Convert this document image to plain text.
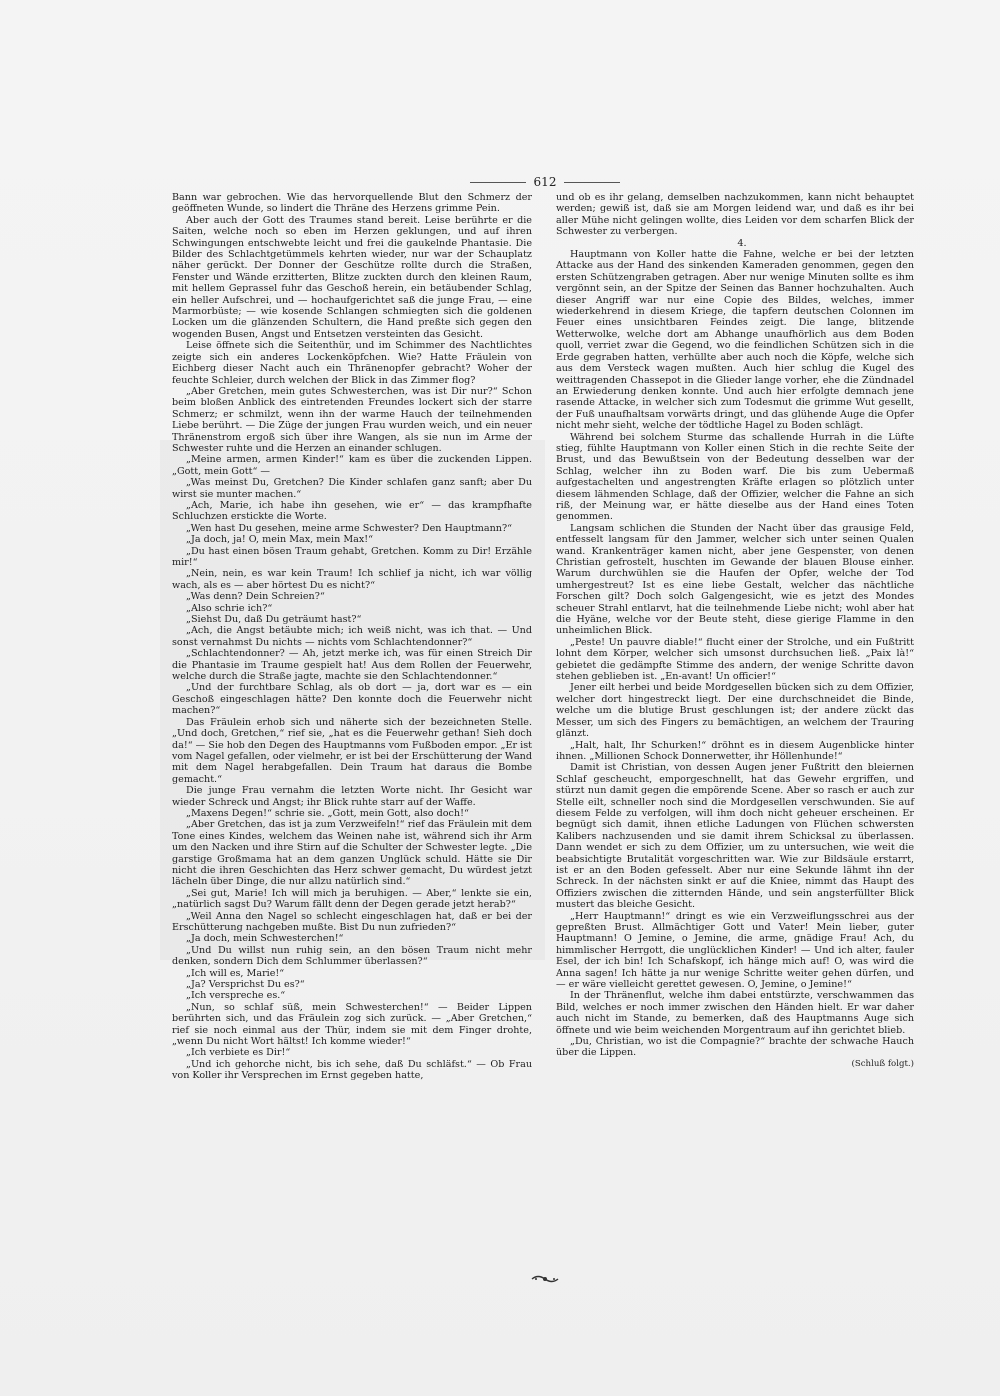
612

Bann war gebrochen. Wie das hervorquellende Blut den Schmerz der geöffneten Wunde, so lindert die Thräne des Herzens grimme Pein.

Aber auch der Gott des Traumes stand bereit. Leise berührte er die Saiten, welche noch so eben im Herzen geklungen, und auf ihren Schwingungen entschwebte leicht und frei die gaukelnde Phantasie. Die Bilder des Schlachtgetümmels kehrten wieder, nur war der Schauplatz näher gerückt. Der Donner der Geschütze rollte durch die Straßen, Fenster und Wände erzitterten, Blitze zuckten durch den kleinen Raum, mit hellem Geprassel fuhr das Geschoß herein, ein betäubender Schlag, ein heller Aufschrei, und — hochaufgerichtet saß die junge Frau, — eine Marmorbüste; — wie kosende Schlangen schmiegten sich die goldenen Locken um die glänzenden Schultern, die Hand preßte sich gegen den wogenden Busen, Angst und Entsetzen versteinten das Gesicht.

Leise öffnete sich die Seitenthür, und im Schimmer des Nachtlichtes zeigte sich ein anderes Lockenköpfchen. Wie? Hatte Fräulein von Eichberg dieser Nacht auch ein Thränenopfer gebracht? Woher der feuchte Schleier, durch welchen der Blick in das Zimmer flog?

„Aber Gretchen, mein gutes Schwesterchen, was ist Dir nur?“ Schon beim bloßen Anblick des eintretenden Freundes lockert sich der starre Schmerz; er schmilzt, wenn ihn der warme Hauch der teilnehmenden Liebe berührt. — Die Züge der jungen Frau wurden weich, und ein neuer Thränenstrom ergoß sich über ihre Wangen, als sie nun im Arme der Schwester ruhte und die Herzen an einander schlugen.

„Meine armen, armen Kinder!“ kam es über die zuckenden Lippen. „Gott, mein Gott“ —

„Was meinst Du, Gretchen? Die Kinder schlafen ganz sanft; aber Du wirst sie munter machen.“

„Ach, Marie, ich habe ihn gesehen, wie er“ — das krampfhafte Schluchzen erstickte die Worte.

„Wen hast Du gesehen, meine arme Schwester? Den Hauptmann?“

„Ja doch, ja! O, mein Max, mein Max!“

„Du hast einen bösen Traum gehabt, Gretchen. Komm zu Dir! Erzähle mir!“

„Nein, nein, es war kein Traum! Ich schlief ja nicht, ich war völlig wach, als es — aber hörtest Du es nicht?“

„Was denn? Dein Schreien?“

„Also schrie ich?“

„Siehst Du, daß Du geträumt hast?“

„Ach, die Angst betäubte mich; ich weiß nicht, was ich that. — Und sonst vernahmst Du nichts — nichts vom Schlachtendonner?“

„Schlachtendonner? — Ah, jetzt merke ich, was für einen Streich Dir die Phantasie im Traume gespielt hat! Aus dem Rollen der Feuerwehr, welche durch die Straße jagte, machte sie den Schlachtendonner.“

„Und der furchtbare Schlag, als ob dort — ja, dort war es — ein Geschoß eingeschlagen hätte? Den konnte doch die Feuerwehr nicht machen?“

Das Fräulein erhob sich und näherte sich der bezeichneten Stelle. „Und doch, Gretchen,“ rief sie, „hat es die Feuerwehr gethan! Sieh doch da!“ — Sie hob den Degen des Hauptmanns vom Fußboden empor. „Er ist vom Nagel gefallen, oder vielmehr, er ist bei der Erschütterung der Wand mit dem Nagel herabgefallen. Dein Traum hat daraus die Bombe gemacht.“

Die junge Frau vernahm die letzten Worte nicht. Ihr Gesicht war wieder Schreck und Angst; ihr Blick ruhte starr auf der Waffe.

„Maxens Degen!“ schrie sie. „Gott, mein Gott, also doch!“

„Aber Gretchen, das ist ja zum Verzweifeln!“ rief das Fräulein mit dem Tone eines Kindes, welchem das Weinen nahe ist, während sich ihr Arm um den Nacken und ihre Stirn auf die Schulter der Schwester legte. „Die garstige Großmama hat an dem ganzen Unglück schuld. Hätte sie Dir nicht die ihren Geschichten das Herz schwer gemacht, Du würdest jetzt lächeln über Dinge, die nur allzu natürlich sind.“

„Sei gut, Marie! Ich will mich ja beruhigen. — Aber,“ lenkte sie ein, „natürlich sagst Du? Warum fällt denn der Degen gerade jetzt herab?“

„Weil Anna den Nagel so schlecht eingeschlagen hat, daß er bei der Erschütterung nachgeben mußte. Bist Du nun zufrieden?“

„Ja doch, mein Schwesterchen!“

„Und Du willst nun ruhig sein, an den bösen Traum nicht mehr denken, sondern Dich dem Schlummer überlassen?“

„Ich will es, Marie!“

„Ja? Versprichst Du es?“

„Ich verspreche es.“

„Nun, so schlaf süß, mein Schwesterchen!“ — Beider Lippen berührten sich, und das Fräulein zog sich zurück. — „Aber Gretchen,“ rief sie noch einmal aus der Thür, indem sie mit dem Finger drohte, „wenn Du nicht Wort hältst! Ich komme wieder!“

„Ich verbiete es Dir!“

„Und ich gehorche nicht, bis ich sehe, daß Du schläfst.“ — Ob Frau von Koller ihr Versprechen im Ernst gegeben hatte,

und ob es ihr gelang, demselben nachzukommen, kann nicht behauptet werden; gewiß ist, daß sie am Morgen leidend war, und daß es ihr bei aller Mühe nicht gelingen wollte, dies Leiden vor dem scharfen Blick der Schwester zu verbergen.

4.

Hauptmann von Koller hatte die Fahne, welche er bei der letzten Attacke aus der Hand des sinkenden Kameraden genommen, gegen den ersten Schützengraben getragen. Aber nur wenige Minuten sollte es ihm vergönnt sein, an der Spitze der Seinen das Banner hochzuhalten. Auch dieser Angriff war nur eine Copie des Bildes, welches, immer wiederkehrend in diesem Kriege, die tapfern deutschen Colonnen im Feuer eines unsichtbaren Feindes zeigt. Die lange, blitzende Wetterwolke, welche dort am Abhange unaufhörlich aus dem Boden quoll, verriet zwar die Gegend, wo die feindlichen Schützen sich in die Erde gegraben hatten, verhüllte aber auch noch die Köpfe, welche sich aus dem Versteck wagen mußten. Auch hier schlug die Kugel des weittragenden Chassepot in die Glieder lange vorher, ehe die Zündnadel an Erwiederung denken konnte. Und auch hier erfolgte demnach jene rasende Attacke, in welcher sich zum Todesmut die grimme Wut gesellt, der Fuß unaufhaltsam vorwärts dringt, und das glühende Auge die Opfer nicht mehr sieht, welche der tödtliche Hagel zu Boden schlägt.

Während bei solchem Sturme das schallende Hurrah in die Lüfte stieg, fühlte Hauptmann von Koller einen Stich in die rechte Seite der Brust, und das Bewußtsein von der Bedeutung desselben war der Schlag, welcher ihn zu Boden warf. Die bis zum Uebermaß aufgestachelten und angestrengten Kräfte erlagen so plötzlich unter diesem lähmenden Schlage, daß der Offizier, welcher die Fahne an sich riß, der Meinung war, er hätte dieselbe aus der Hand eines Toten genommen.

Langsam schlichen die Stunden der Nacht über das grausige Feld, entfesselt langsam für den Jammer, welcher sich unter seinen Qualen wand. Krankenträger kamen nicht, aber jene Gespenster, von denen Christian gefrostelt, huschten im Gewande der blauen Blouse einher. Warum durchwühlen sie die Haufen der Opfer, welche der Tod umhergestreut? Ist es eine liebe Gestalt, welcher das nächtliche Forschen gilt? Doch solch Galgengesicht, wie es jetzt des Mondes scheuer Strahl entlarvt, hat die teilnehmende Liebe nicht; wohl aber hat die Hyäne, welche vor der Beute steht, diese gierige Flamme in den unheimlichen Blick.

„Peste! Un pauvre diable!“ flucht einer der Strolche, und ein Fußtritt lohnt dem Körper, welcher sich umsonst durchsuchen ließ. „Paix là!“ gebietet die gedämpfte Stimme des andern, der wenige Schritte davon stehen geblieben ist. „En-avant! Un officier!“

Jener eilt herbei und beide Mordgesellen bücken sich zu dem Offizier, welcher dort hingestreckt liegt. Der eine durchschneidet die Binde, welche um die blutige Brust geschlungen ist; der andere zückt das Messer, um sich des Fingers zu bemächtigen, an welchem der Trauring glänzt.

„Halt, halt, Ihr Schurken!“ dröhnt es in diesem Augenblicke hinter ihnen. „Millionen Schock Donnerwetter, ihr Höllenhunde!“

Damit ist Christian, von dessen Augen jener Fußtritt den bleiernen Schlaf gescheucht, emporgeschnellt, hat das Gewehr ergriffen, und stürzt nun damit gegen die empörende Scene. Aber so rasch er auch zur Stelle eilt, schneller noch sind die Mordgesellen verschwunden. Sie auf diesem Felde zu verfolgen, will ihm doch nicht geheuer erscheinen. Er begnügt sich damit, ihnen etliche Ladungen von Flüchen schwersten Kalibers nachzusenden und sie damit ihrem Schicksal zu überlassen. Dann wendet er sich zu dem Offizier, um zu untersuchen, wie weit die beabsichtigte Brutalität vorgeschritten war. Wie zur Bildsäule erstarrt, ist er an den Boden gefesselt. Aber nur eine Sekunde lähmt ihn der Schreck. In der nächsten sinkt er auf die Kniee, nimmt das Haupt des Offiziers zwischen die zitternden Hände, und sein angsterfüllter Blick mustert das bleiche Gesicht.

„Herr Hauptmann!“ dringt es wie ein Verzweiflungsschrei aus der gepreßten Brust. Allmächtiger Gott und Vater! Mein lieber, guter Hauptmann! O Jemine, o Jemine, die arme, gnädige Frau! Ach, du himmlischer Herrgott, die unglücklichen Kinder! — Und ich alter, fauler Esel, der ich bin! Ich Schafskopf, ich hänge mich auf! O, was wird die Anna sagen! Ich hätte ja nur wenige Schritte weiter gehen dürfen, und — er wäre vielleicht gerettet gewesen. O, Jemine, o Jemine!“

In der Thränenflut, welche ihm dabei entstürzte, verschwammen das Bild, welches er noch immer zwischen den Händen hielt. Er war daher auch nicht im Stande, zu bemerken, daß des Hauptmanns Auge sich öffnete und wie beim weichenden Morgentraum auf ihn gerichtet blieb.

„Du, Christian, wo ist die Compagnie?“ brachte der schwache Hauch über die Lippen.

(Schluß folgt.)
